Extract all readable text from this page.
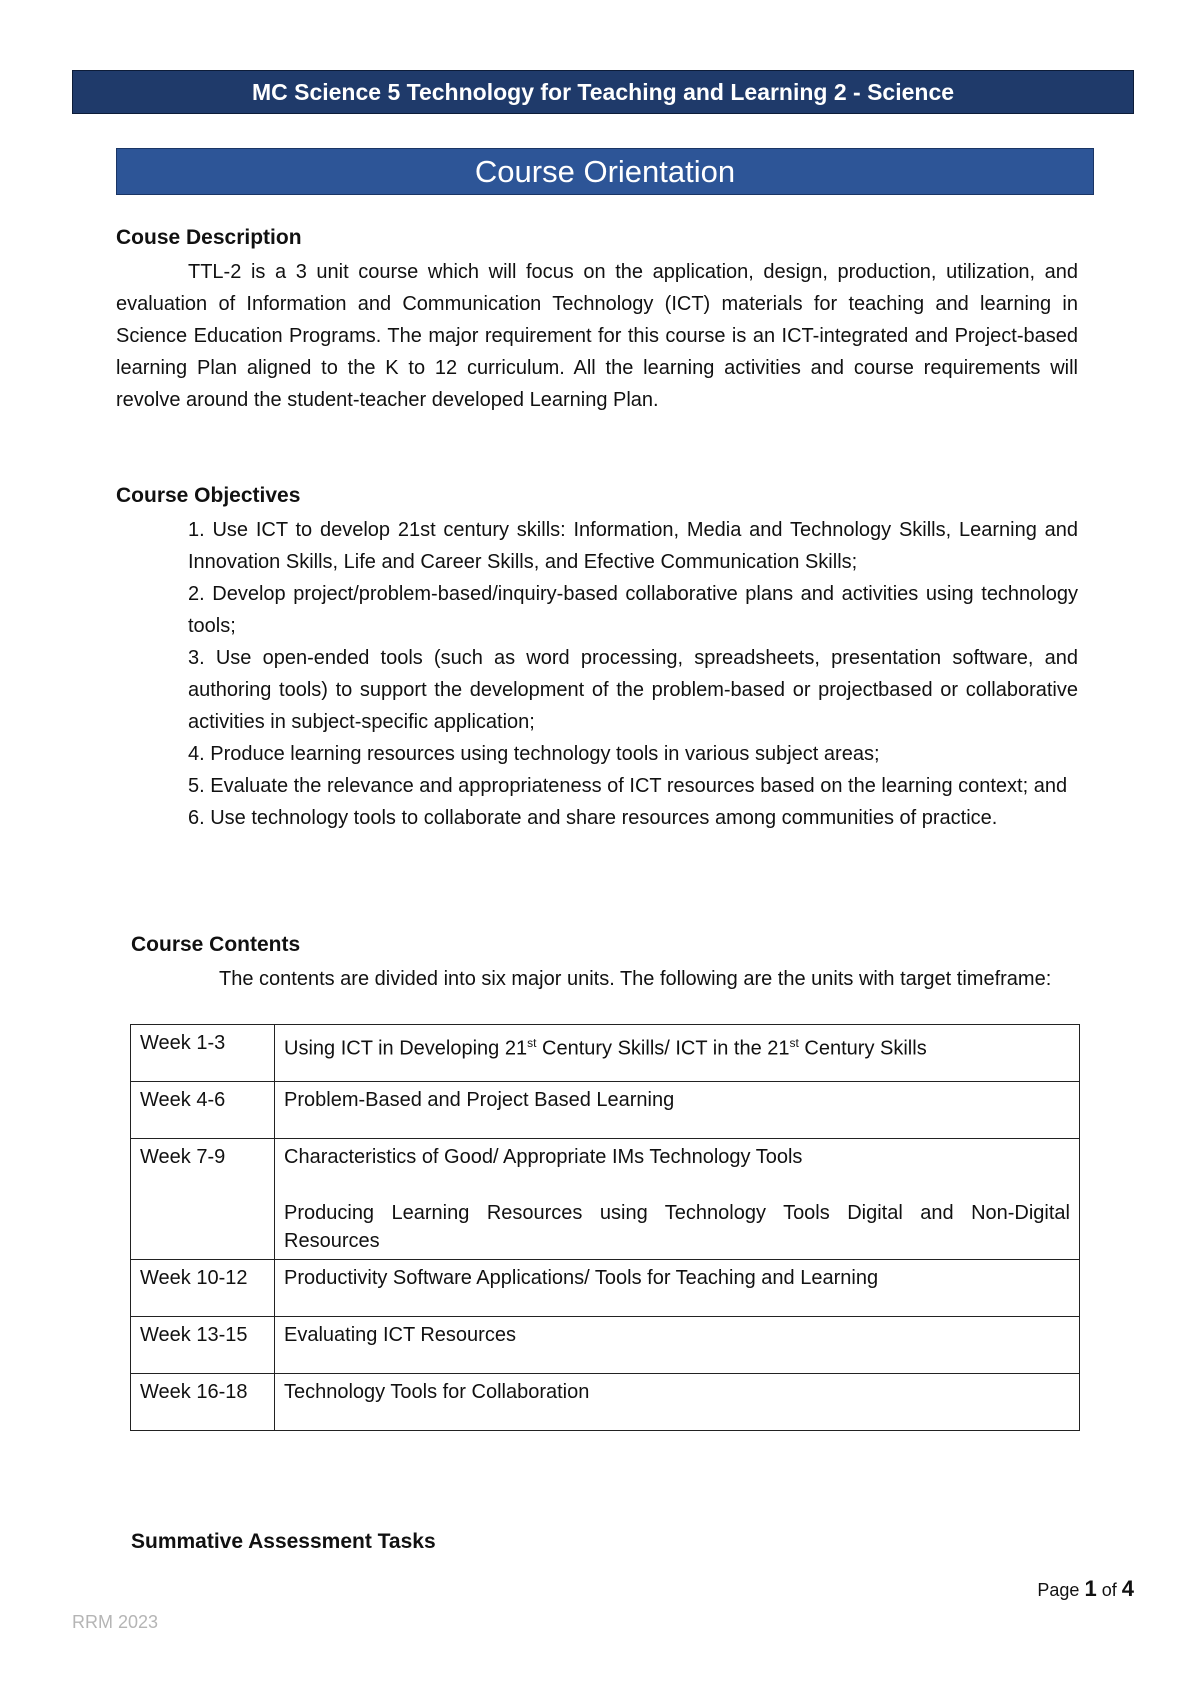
MC Science 5 Technology for Teaching and Learning 2 - Science
Course Orientation
Couse Description

TTL-2 is a 3 unit course which will focus on the application, design, production, utilization, and evaluation of Information and Communication Technology (ICT) materials for teaching and learning in Science Education Programs. The major requirement for this course is an ICT-integrated and Project-based learning Plan aligned to the K to 12 curriculum. All the learning activities and course requirements will revolve around the student-teacher developed Learning Plan.

Course Objectives
1. Use ICT to develop 21st century skills: Information, Media and Technology Skills, Learning and Innovation Skills, Life and Career Skills, and Efective Communication Skills;
2. Develop project/problem-based/inquiry-based collaborative plans and activities using technology tools;
3. Use open-ended tools (such as word processing, spreadsheets, presentation software, and authoring tools) to support the development of the problem-based or projectbased or collaborative activities in subject-specific application;
4. Produce learning resources using technology tools in various subject areas;
5. Evaluate the relevance and appropriateness of ICT resources based on the learning context; and
6. Use technology tools to collaborate and share resources among communities of practice.
Course Contents

The contents are divided into six major units. The following are the units with target timeframe:

Week 1-3	Using ICT in Developing 21st Century Skills/ ICT in the 21st Century Skills
Week 4-6	Problem-Based and Project Based Learning
Week 7-9	Characteristics of Good/ Appropriate IMs Technology Tools

Producing Learning Resources using Technology Tools Digital and Non-Digital Resources

Week 10-12	Productivity Software Applications/ Tools for Teaching and Learning
Week 13-15	Evaluating ICT Resources
Week 16-18	Technology Tools for Collaboration
Summative Assessment Tasks
Page 1 of 4
RRM 2023
